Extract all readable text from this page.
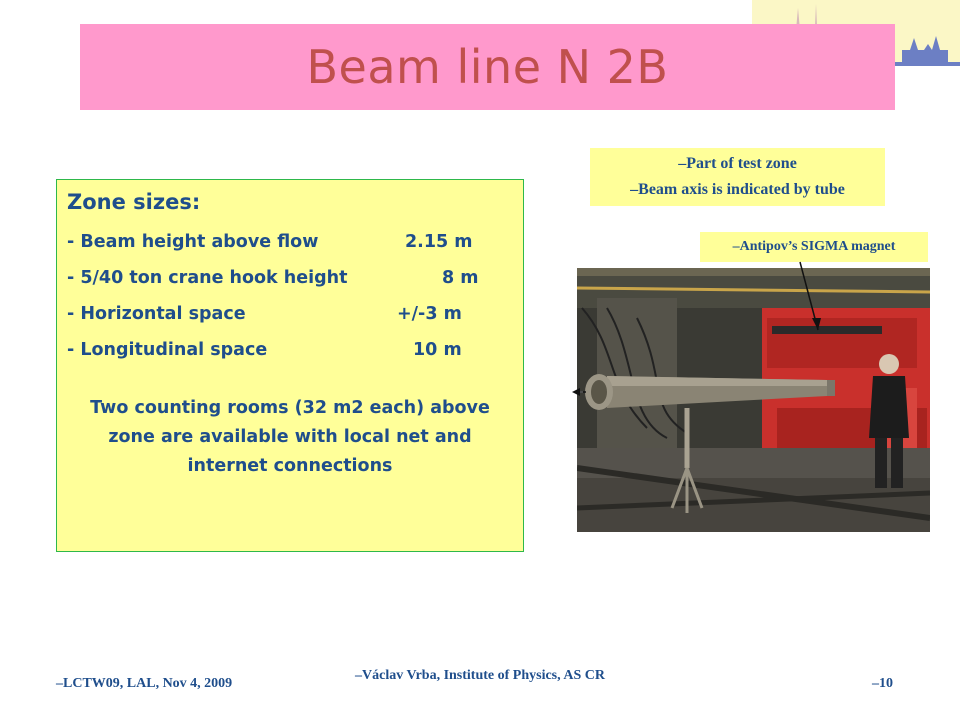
Beam line N 2B
Zone sizes:
- Beam height above flow	2.15 m
- 5/40 ton crane hook height	8 m
- Horizontal space	+/-3 m
- Longitudinal space	10 m
Two counting rooms (32 m2 each) above zone are available with local net and internet connections
–Part of test zone
–Beam axis is indicated by tube
–Antipov’s SIGMA magnet
–LCTW09, LAL, Nov 4, 2009
–Václav Vrba, Institute of Physics, AS CR
–10
